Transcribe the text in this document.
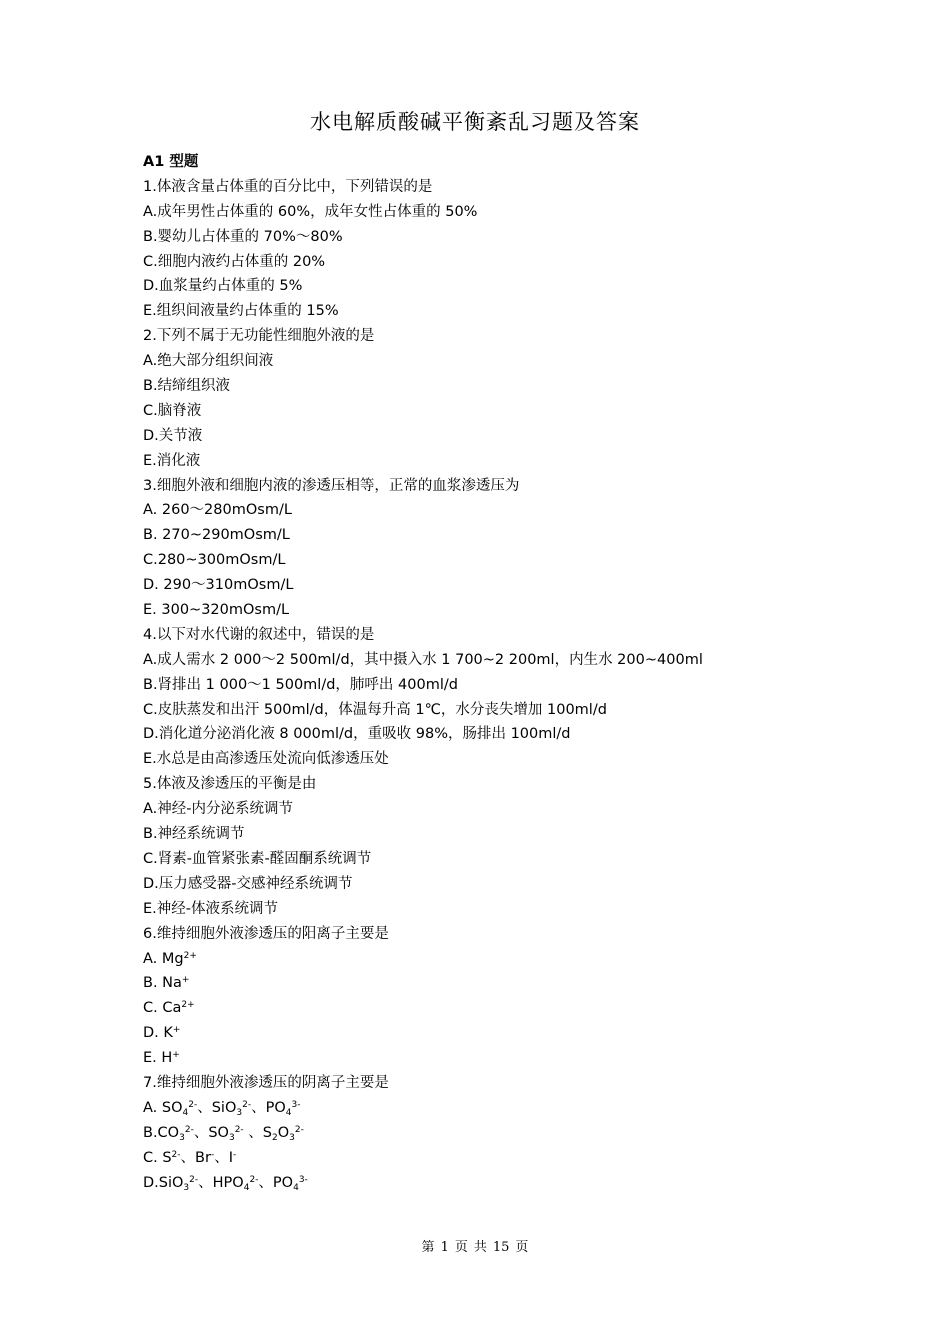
水电解质酸碱平衡紊乱习题及答案
A1 型题
1.体液含量占体重的百分比中，下列错误的是
A.成年男性占体重的 60%，成年女性占体重的 50%
B.婴幼儿占体重的 70%～80%
C.细胞内液约占体重的 20%
D.血浆量约占体重的 5%
E.组织间液量约占体重的 15%
2.下列不属于无功能性细胞外液的是
A.绝大部分组织间液
B.结缔组织液
C.脑脊液
D.关节液
E.消化液
3.细胞外液和细胞内液的渗透压相等，正常的血浆渗透压为
A. 260～280mOsm/L
B. 270~290mOsm/L
C.280~300mOsm/L
D. 290～310mOsm/L
E. 300~320mOsm/L
4.以下对水代谢的叙述中，错误的是
A.成人需水 2 000～2 500ml/d，其中摄入水 1 700~2 200ml，内生水 200~400ml
B.肾排出 1 000～1 500ml/d，肺呼出 400ml/d
C.皮肤蒸发和出汗 500ml/d，体温每升高 1℃，水分丧失增加 100ml/d
D.消化道分泌消化液 8 000ml/d，重吸收 98%，肠排出 100ml/d
E.水总是由高渗透压处流向低渗透压处
5.体液及渗透压的平衡是由
A.神经-内分泌系统调节
B.神经系统调节
C.肾素-血管紧张素-醛固酮系统调节
D.压力感受器-交感神经系统调节
E.神经-体液系统调节
6.维持细胞外液渗透压的阳离子主要是
A. $Mg^{2+}$
B. Na+
C. $Ca^{2+}$
D. K+
E. H+
7.维持细胞外液渗透压的阴离子主要是
A. $SO_4^{2-}$、SiO$_3^{2-}$、$PO_4^{3-}$
$B.CO_3^{2-}$、$SO_3^{2-}$ 、$S_2O_3^{2-}$
C. $S^{2-}$、Br-、I-
D.SiO$_3^{2-}$、$HPO_4^{2-}$、$PO_4^{3-}$
第 1 页 共 15 页
